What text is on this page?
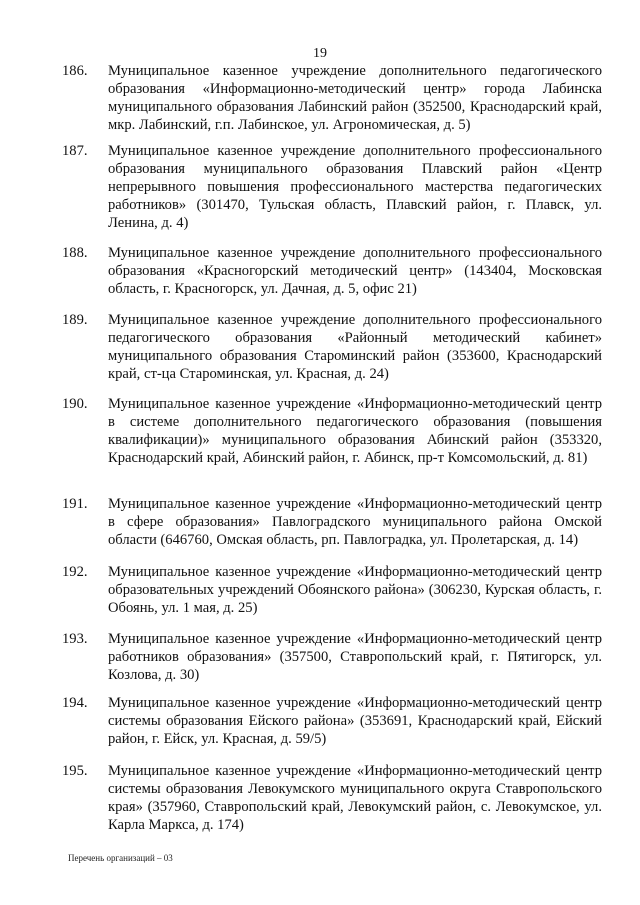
19
186.	Муниципальное казенное учреждение дополнительного педагогического образования «Информационно-методический центр» города Лабинска муниципального образования Лабинский район (352500, Краснодарский край, мкр. Лабинский, г.п. Лабинское, ул. Агрономическая, д. 5)
187.	Муниципальное казенное учреждение дополнительного профессионального образования муниципального образования Плавский район «Центр непрерывного повышения профессионального мастерства педагогических работников» (301470, Тульская область, Плавский район, г. Плавск, ул. Ленина, д. 4)
188.	Муниципальное казенное учреждение дополнительного профессионального образования «Красногорский методический центр» (143404, Московская область, г. Красногорск, ул. Дачная, д. 5, офис 21)
189.	Муниципальное казенное учреждение дополнительного профессионального педагогического образования «Районный методический кабинет» муниципального образования Староминский район (353600, Краснодарский край, ст-ца Староминская, ул. Красная, д. 24)
190.	Муниципальное казенное учреждение «Информационно-методический центр в системе дополнительного педагогического образования (повышения квалификации)» муниципального образования Абинский район (353320, Краснодарский край, Абинский район, г. Абинск, пр-т Комсомольский, д. 81)
191.	Муниципальное казенное учреждение «Информационно-методический центр в сфере образования» Павлоградского муниципального района Омской области (646760, Омская область, рп. Павлоградка, ул. Пролетарская, д. 14)
192.	Муниципальное казенное учреждение «Информационно-методический центр образовательных учреждений Обоянского района» (306230, Курская область, г. Обоянь, ул. 1 мая, д. 25)
193.	Муниципальное казенное учреждение «Информационно-методический центр работников образования» (357500, Ставропольский край, г. Пятигорск, ул. Козлова, д. 30)
194.	Муниципальное казенное учреждение «Информационно-методический центр системы образования Ейского района» (353691, Краснодарский край, Ейский район, г. Ейск, ул. Красная, д. 59/5)
195.	Муниципальное казенное учреждение «Информационно-методический центр системы образования Левокумского муниципального округа Ставропольского края» (357960, Ставропольский край, Левокумский район, с. Левокумское, ул. Карла Маркса, д. 174)
Перечень организаций – 03
